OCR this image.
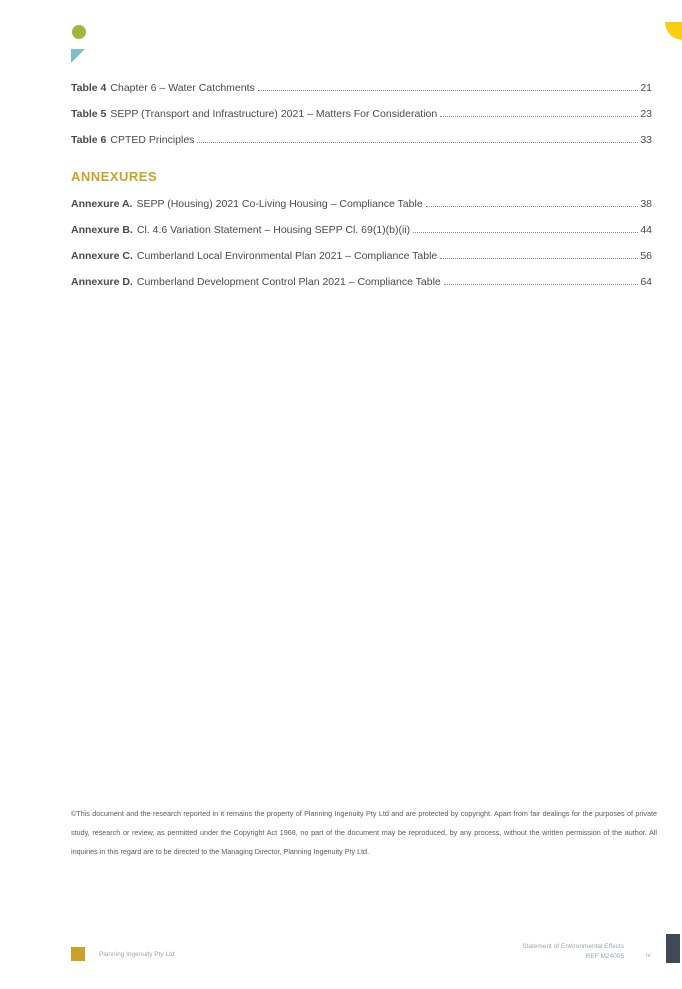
Table 4 Chapter 6 – Water Catchments	21
Table 5 SEPP (Transport and Infrastructure) 2021 – Matters For Consideration	23
Table 6 CPTED Principles	33
Annexure A. SEPP (Housing) 2021 Co-Living Housing – Compliance Table	38
Annexure B. Cl. 4.6 Variation Statement – Housing SEPP Cl. 69(1)(b)(ii)	44
Annexure C. Cumberland Local Environmental Plan 2021 – Compliance Table	56
Annexure D. Cumberland Development Control Plan 2021 – Compliance Table	64
ANNEXURES
©This document and the research reported in it remains the property of Planning Ingenuity Pty Ltd and are protected by copyright. Apart from fair dealings for the purposes of private study, research or review, as permitted under the Copyright Act 1968, no part of the document may be reproduced, by any process, without the written permission of the author. All inquiries in this regard are to be directed to the Managing Director, Planning Ingenuity Pty Ltd.
Planning Ingenuity Pty Ltd
Statement of Environmental Effects
REF M24005	iv
